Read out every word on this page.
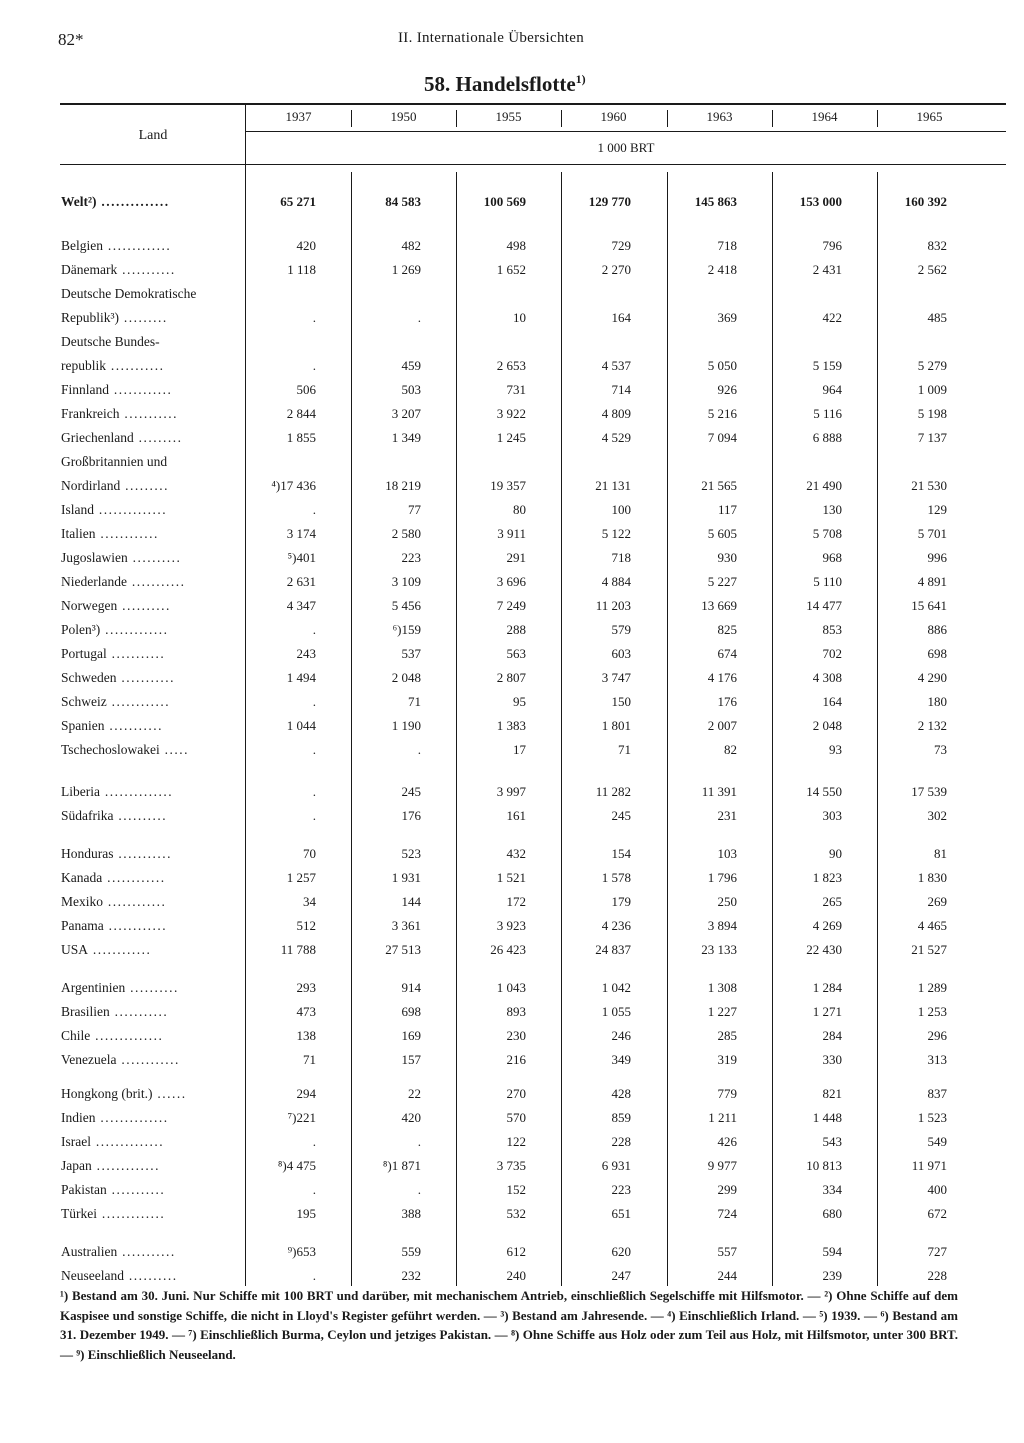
82*	II. Internationale Übersichten
58. Handelsflotte$^{1)}$
Land
1 000 BRT
1937	1950	1955	1960	1963	1964	1965
Welt²) ..............	65 271	84 583	100 569	129 770	145 863	153 000	160 392
Belgien .............	420	482	498	729	718	796	832
Dänemark ...........	1 118	1 269	1 652	2 270	2 418	2 431	2 562
Deutsche Demokratische
Republik³) .........	.	.	10	164	369	422	485
Deutsche Bundes-
republik ...........	.	459	2 653	4 537	5 050	5 159	5 279
Finnland ............	506	503	731	714	926	964	1 009
Frankreich ...........	2 844	3 207	3 922	4 809	5 216	5 116	5 198
Griechenland .........	1 855	1 349	1 245	4 529	7 094	6 888	7 137
Großbritannien und
Nordirland .........	⁴)17 436	18 219	19 357	21 131	21 565	21 490	21 530
Island ..............	.	77	80	100	117	130	129
Italien ............	3 174	2 580	3 911	5 122	5 605	5 708	5 701
Jugoslawien ..........	⁵)401	223	291	718	930	968	996
Niederlande ...........	2 631	3 109	3 696	4 884	5 227	5 110	4 891
Norwegen ..........	4 347	5 456	7 249	11 203	13 669	14 477	15 641
Polen³) .............	.	⁶)159	288	579	825	853	886
Portugal ...........	243	537	563	603	674	702	698
Schweden ...........	1 494	2 048	2 807	3 747	4 176	4 308	4 290
Schweiz ............	.	71	95	150	176	164	180
Spanien ...........	1 044	1 190	1 383	1 801	2 007	2 048	2 132
Tschechoslowakei .....	.	.	17	71	82	93	73
Liberia ..............	.	245	3 997	11 282	11 391	14 550	17 539
Südafrika ..........	.	176	161	245	231	303	302
Honduras ...........	70	523	432	154	103	90	81
Kanada ............	1 257	1 931	1 521	1 578	1 796	1 823	1 830
Mexiko ............	34	144	172	179	250	265	269
Panama ............	512	3 361	3 923	4 236	3 894	4 269	4 465
USA ............	11 788	27 513	26 423	24 837	23 133	22 430	21 527
Argentinien ..........	293	914	1 043	1 042	1 308	1 284	1 289
Brasilien ...........	473	698	893	1 055	1 227	1 271	1 253
Chile ..............	138	169	230	246	285	284	296
Venezuela ............	71	157	216	349	319	330	313
Hongkong (brit.) ......	294	22	270	428	779	821	837
Indien ..............	⁷)221	420	570	859	1 211	1 448	1 523
Israel ..............	.	.	122	228	426	543	549
Japan .............	⁸)4 475	⁸)1 871	3 735	6 931	9 977	10 813	11 971
Pakistan ...........	.	.	152	223	299	334	400
Türkei .............	195	388	532	651	724	680	672
Australien ...........	⁹)653	559	612	620	557	594	727
Neuseeland ..........	.	232	240	247	244	239	228

¹) Bestand am 30. Juni. Nur Schiffe mit 100 BRT und darüber, mit mechanischem Antrieb, einschließlich Segelschiffe mit Hilfsmotor. — ²) Ohne Schiffe auf dem Kaspisee und sonstige Schiffe, die nicht in Lloyd's Register geführt werden. — ³) Bestand am Jahresende. — ⁴) Einschließlich Irland. — ⁵) 1939. — ⁶) Bestand am 31. Dezember 1949. — ⁷) Einschließlich Burma, Ceylon und jetziges Pakistan. — ⁸) Ohne Schiffe aus Holz oder zum Teil aus Holz, mit Hilfsmotor, unter 300 BRT. — ⁹) Einschließlich Neuseeland.
